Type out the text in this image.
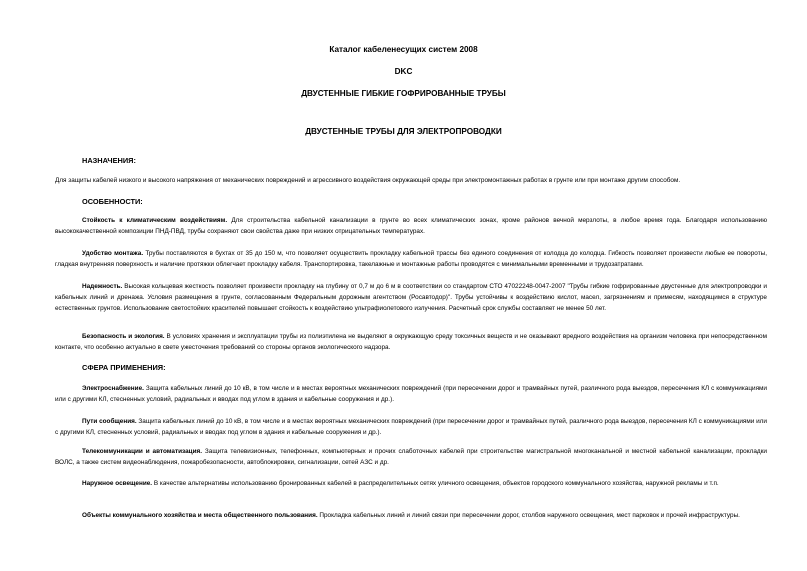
Каталог кабеленесущих систем 2008
DKC
ДВУСТЕННЫЕ ГИБКИЕ ГОФРИРОВАННЫЕ ТРУБЫ
ДВУСТЕННЫЕ ТРУБЫ ДЛЯ ЭЛЕКТРОПРОВОДКИ
НАЗНАЧЕНИЯ:
Для защиты кабелей низкого и высокого напряжения от механических повреждений и агрессивного воздействия окружающей среды при электромонтажных работах в грунте или при монтаже другим способом.
ОСОБЕННОСТИ:
Стойкость к климатическим воздействиям. Для строительства кабельной канализации в грунте во всех климатических зонах, кроме районов вечной мерзлоты, в любое время года. Благодаря использованию высококачественной композиции ПНД-ПВД, трубы сохраняют свои свойства даже при низких отрицательных температурах.
Удобство монтажа. Трубы поставляются в бухтах от 35 до 150 м, что позволяет осуществить прокладку кабельной трассы без единого соединения от колодца до колодца. Гибкость позволяет произвести любые ее повороты, гладкая внутренняя поверхность и наличие протяжки облегчает прокладку кабеля. Транспортировка, такелажные и монтажные работы проводятся с минимальными временными и трудозатратами.
Надежность. Высокая кольцевая жесткость позволяет произвести прокладку на глубину от 0,7 м до 6 м в соответствии со стандартом СТО 47022248-0047-2007 "Трубы гибкие гофрированные двустенные для электропроводки и кабельных линий и дренажа. Условия размещения в грунте, согласованным Федеральным дорожным агентством (Росавтодор)". Трубы устойчивы к воздействию кислот, масел, загрязнениям и примесям, находящимся в структуре естественных грунтов. Использование светостойких красителей повышает стойкость к воздействию ультрафиолетового излучения. Расчетный срок службы составляет не менее 50 лет.
Безопасность и экология. В условиях хранения и эксплуатации трубы из полиэтилена не выделяют в окружающую среду токсичных веществ и не оказывают вредного воздействия на организм человека при непосредственном контакте, что особенно актуально в свете ужесточения требований со стороны органов экологического надзора.
СФЕРА ПРИМЕНЕНИЯ:
Электроснабжение. Защита кабельных линий до 10 кВ, в том числе и в местах вероятных механических повреждений (при пересечении дорог и трамвайных путей, различного рода выездов, пересечения КЛ с коммуникациями или с другими КЛ, стесненных условий, радиальных и вводах под углом в здания и кабельные сооружения и др.).
Пути сообщения. Защита кабельных линий до 10 кВ, в том числе и в местах вероятных механических повреждений (при пересечении дорог и трамвайных путей, различного рода выездов, пересечения КЛ с коммуникациями или с другими КЛ, стесненных условий, радиальных и вводах под углом в здания и кабельные сооружения и др.).
Телекоммуникации и автоматизация. Защита телевизионных, телефонных, компьютерных и прочих слаботочных кабелей при строительстве магистральной многоканальной и местной кабельной канализации, прокладки ВОЛС, а также систем видеонаблюдения, пожаробезопасности, автоблокировки, сигнализации, сетей АЗС и др.
Наружное освещение. В качестве альтернативы использованию бронированных кабелей в распределительных сетях уличного освещения, объектов городского коммунального хозяйства, наружной рекламы и т.п.
Объекты коммунального хозяйства и места общественного пользования. Прокладка кабельных линий и линий связи при пересечении дорог, столбов наружного освещения, мест парковок и прочей инфраструктуры.
